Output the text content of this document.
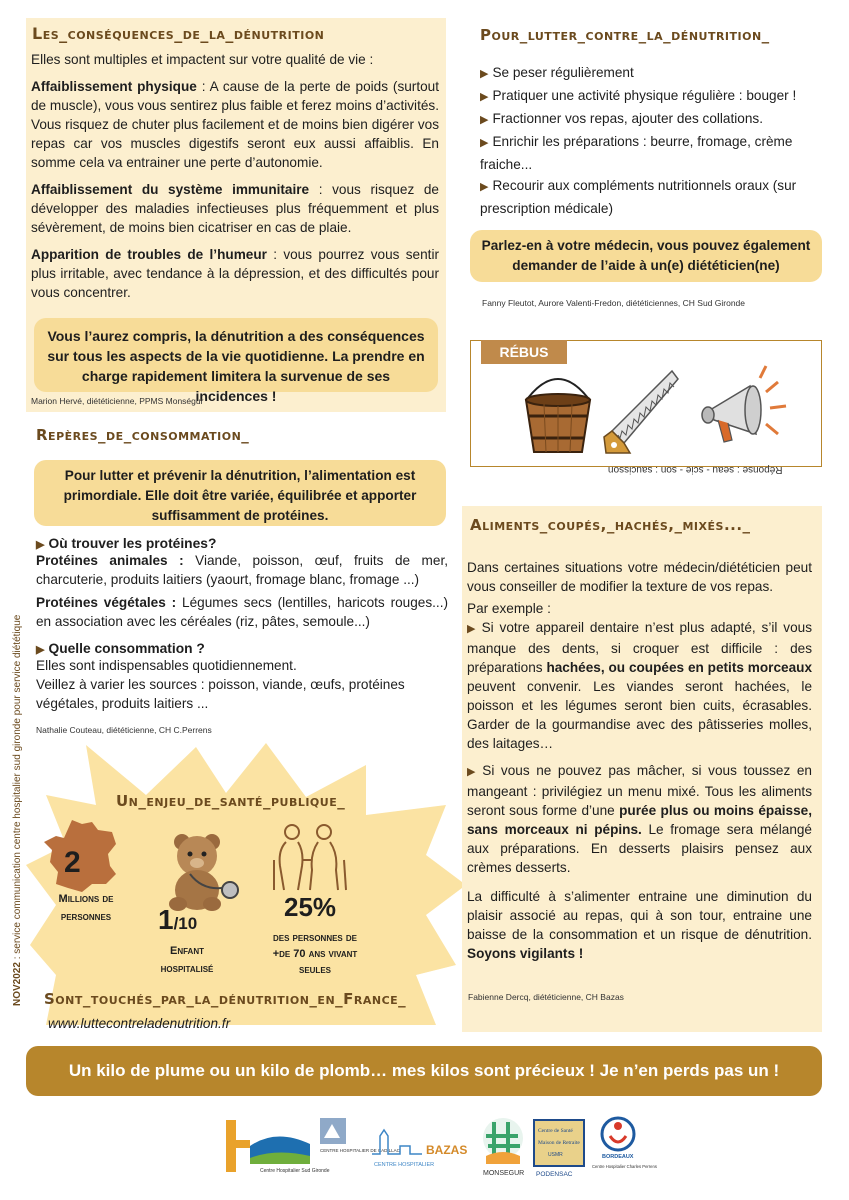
Les_conséquences_de_la_dénutrition

Elles sont multiples et impactent sur votre qualité de vie :

Affaiblissement physique : A cause de la perte de poids (surtout de muscle), vous vous sentirez plus faible et ferez moins d’activités. Vous risquez de chuter plus facilement et de moins bien digérer vos repas car vos muscles digestifs seront eux aussi affaiblis. En somme cela va entrainer une perte d’autonomie.

Affaiblissement du système immunitaire : vous risquez de développer des maladies infectieuses plus fréquemment et plus sévèrement, de moins bien cicatriser en cas de plaie.

Apparition de troubles de l’humeur : vous pourrez vous sentir plus irritable, avec tendance à la dépression, et des difficultés pour vous concentrer.

Vous l’aurez compris, la dénutrition a des conséquences sur tous les aspects de la vie quotidienne. La prendre en charge rapidement limitera la survenue de ses incidences !
Marion Hervé, diététicienne, PPMS Monségur
Pour_lutter_contre_la_dénutrition_
▶ Se peser régulièrement
▶ Pratiquer une activité physique régulière : bouger !
▶ Fractionner vos repas, ajouter des collations.
▶ Enrichir les préparations : beurre, fromage, crème fraiche...
▶ Recourir aux compléments nutritionnels oraux (sur prescription médicale)
Parlez-en à votre médecin, vous pouvez également demander de l’aide à un(e) diététicien(ne)
Fanny Fleutot, Aurore Valenti-Fredon, diététiciennes, CH Sud Gironde
RÉBUS
Réponse : seau - scie - son : saucisson
Repères_de_consommation_
Pour lutter et prévenir la dénutrition, l’alimentation est primordiale. Elle doit être variée, équilibrée et apporter suffisamment de protéines.
▶ Où trouver les protéines?

Protéines animales : Viande, poisson, œuf, fruits de mer, charcuterie, produits laitiers (yaourt, fromage blanc, fromage ...)

Protéines végétales : Légumes secs (lentilles, haricots rouges...) en association avec les céréales (riz, pâtes, semoule...)

▶ Quelle consommation ?

Elles sont indispensables quotidiennement.

Veillez à varier les sources : poisson, viande, œufs, protéines végétales, produits laitiers ...

Nathalie Couteau, diététicienne, CH C.Perrens
Un_enjeu_de_santé_publique_
2
Millions de
personnes	1/10
Enfant
hospitalisé
25%
des personnes de
+de 70 ans vivant
seules
Sont_touchés_par_la_dénutrition_en_France_
www.luttecontreladenutrition.fr
NOV2022 : service communication centre hospitalier sud gironde pour service diététique
Aliments_coupés,_hachés,_mixés..._

Dans certaines situations votre médecin/diététicien peut vous conseiller de modifier la texture de vos repas.

Par exemple :

▶ Si votre appareil dentaire n’est plus adapté, s’il vous manque des dents, si croquer est difficile : des préparations hachées, ou coupées en petits morceaux peuvent convenir. Les viandes seront hachées, le poisson et les légumes seront bien cuits, écrasables. Garder de la gourmandise avec des pâtisseries molles, des laitages…

▶ Si vous ne pouvez pas mâcher, si vous toussez en mangeant : privilégiez un menu mixé. Tous les aliments seront sous forme d’une purée plus ou moins épaisse, sans morceaux ni pépins. Le fromage sera mélangé aux préparations. En desserts plaisirs pensez aux crèmes desserts.

La difficulté à s’alimenter entraine une diminution du plaisir associé au repas, qui à son tour, entraine une baisse de la consommation et un risque de dénutrition. Soyons vigilants !

Fabienne Dercq, diététicienne, CH Bazas
Un kilo de plume ou un kilo de plomb… mes kilos sont précieux ! Je n’en perds pas un !
Centre Hospitalier Sud Gironde
CENTRE HOSPITALIER DE CADILLAC BAZAS
CENTRE HOSPITALIER
MONSEGUR
Centre de Santé
Maison de Retraite
USMR
PODENSAC
BORDEAUX
Centre Hospitalier Charles Perrens
